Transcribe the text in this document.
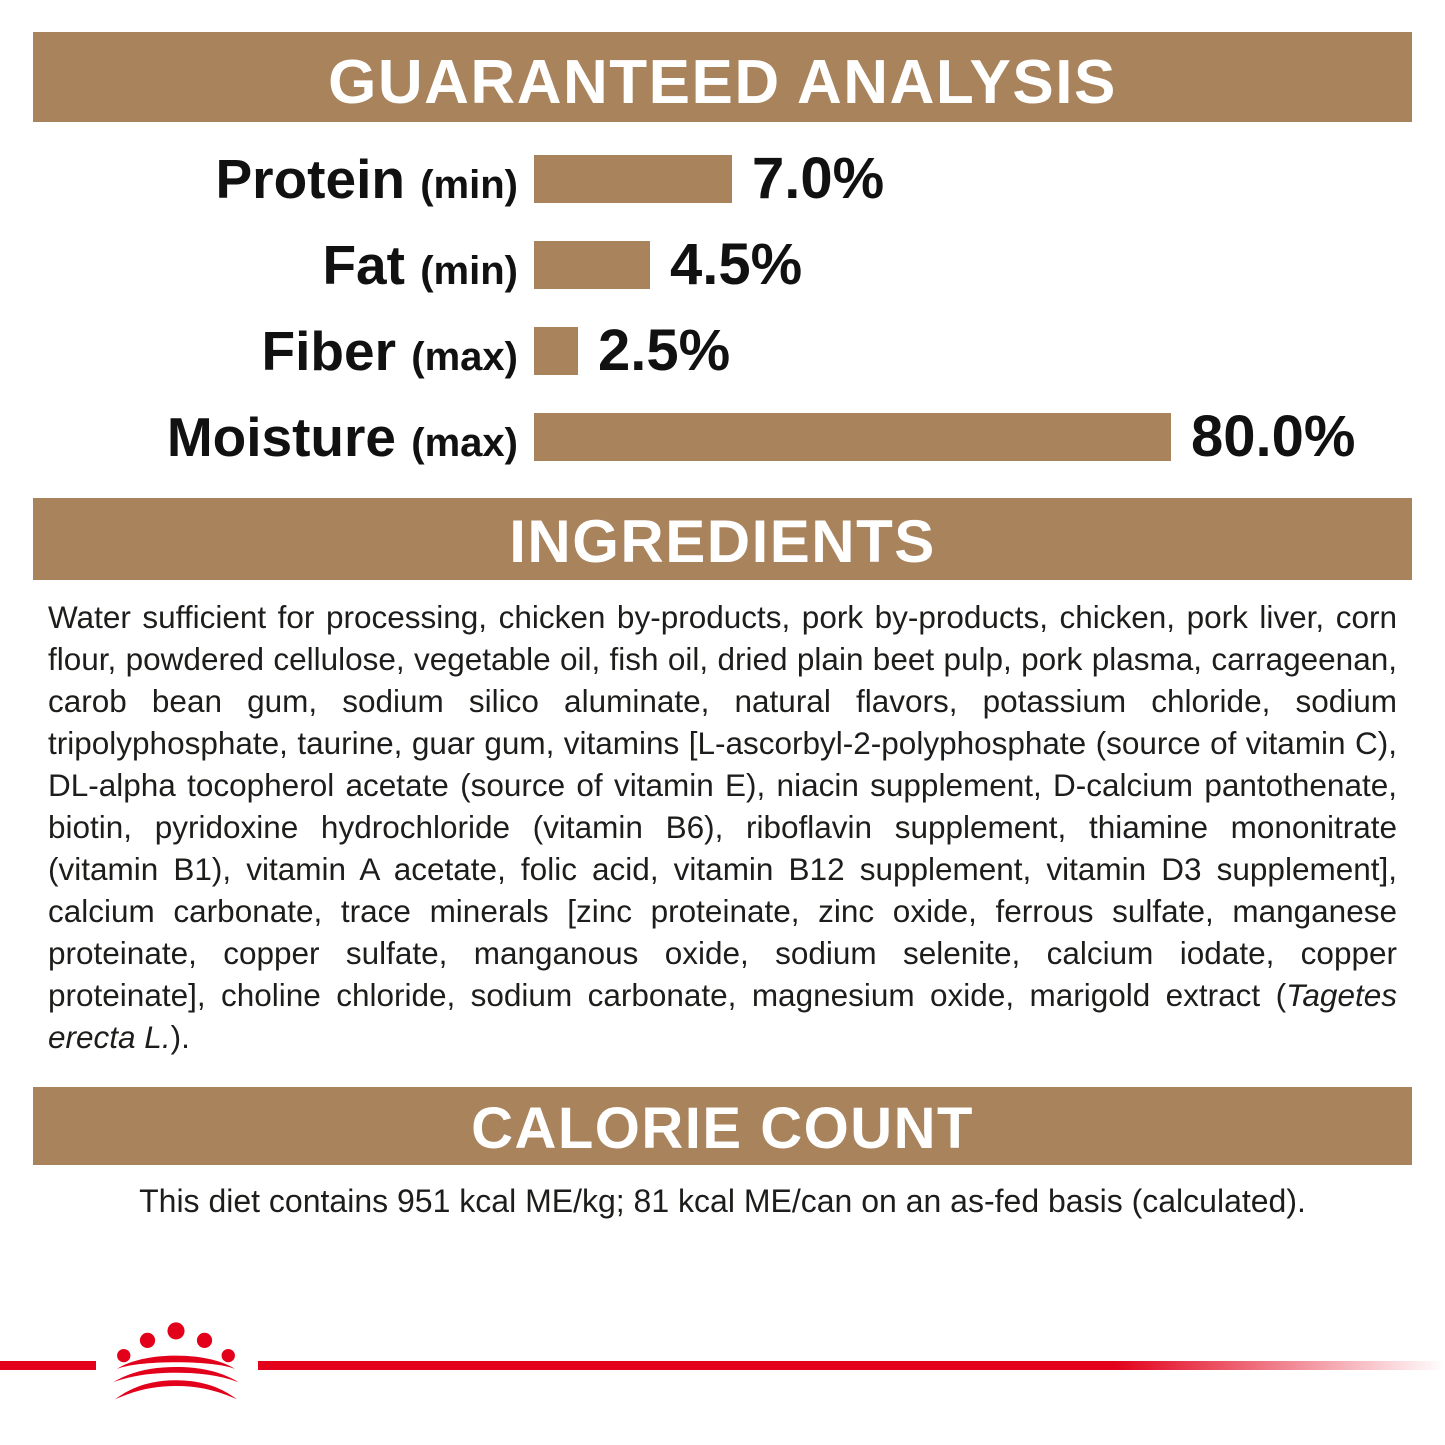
GUARANTEED ANALYSIS
Protein (min)	7.0%
Fat (min)	4.5%
Fiber (max)	2.5%
Moisture (max)	80.0%
INGREDIENTS
Water sufficient for processing, chicken by-products, pork by-products, chicken, pork liver, corn flour, powdered cellulose, vegetable oil, fish oil, dried plain beet pulp, pork plasma, carrageenan, carob bean gum, sodium silico aluminate, natural flavors, potassium chloride, sodium tripolyphosphate, taurine, guar gum, vitamins [L-ascorbyl-2-polyphosphate (source of vitamin C), DL-alpha tocopherol acetate (source of vitamin E), niacin supplement, D-calcium pantothenate, biotin, pyridoxine hydrochloride (vitamin B6), riboflavin supplement, thiamine mononitrate (vitamin B1), vitamin A acetate, folic acid, vitamin B12 supplement, vitamin D3 supplement], calcium carbonate, trace minerals [zinc proteinate, zinc oxide, ferrous sulfate, manganese proteinate, copper sulfate, manganous oxide, sodium selenite, calcium iodate, copper proteinate], choline chloride, sodium carbonate, magnesium oxide, marigold extract (Tagetes erecta L.).
CALORIE COUNT
This diet contains 951 kcal ME/kg; 81 kcal ME/can on an as-fed basis (calculated).
